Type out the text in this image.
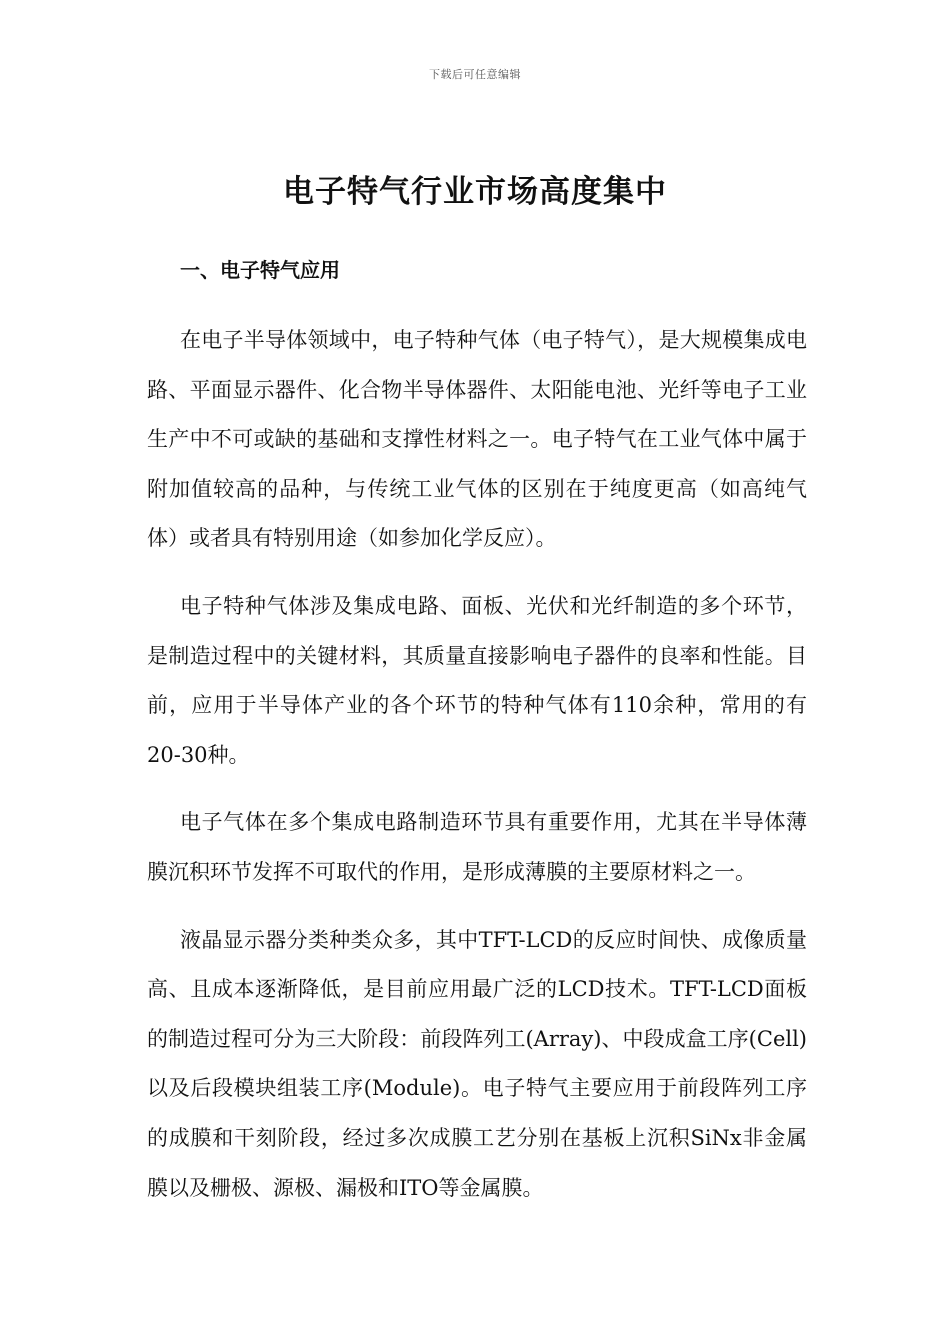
下载后可任意编辑
电子特气行业市场高度集中
一、电子特气应用

在电子半导体领域中，电子特种气体（电子特气），是大规模集成电路、平面显示器件、化合物半导体器件、太阳能电池、光纤等电子工业生产中不可或缺的基础和支撑性材料之一。电子特气在工业气体中属于附加值较高的品种，与传统工业气体的区别在于纯度更高（如高纯气体）或者具有特别用途（如参加化学反应）。

电子特种气体涉及集成电路、面板、光伏和光纤制造的多个环节，是制造过程中的关键材料，其质量直接影响电子器件的良率和性能。目前，应用于半导体产业的各个环节的特种气体有110余种，常用的有20-30种。

电子气体在多个集成电路制造环节具有重要作用，尤其在半导体薄膜沉积环节发挥不可取代的作用，是形成薄膜的主要原材料之一。

液晶显示器分类种类众多，其中TFT-LCD的反应时间快、成像质量高、且成本逐渐降低，是目前应用最广泛的LCD技术。TFT-LCD面板的制造过程可分为三大阶段：前段阵列工(Array)、中段成盒工序(Cell)以及后段模块组装工序(Module)。电子特气主要应用于前段阵列工序的成膜和干刻阶段，经过多次成膜工艺分别在基板上沉积SiNx非金属膜以及栅极、源极、漏极和ITO等金属膜。
